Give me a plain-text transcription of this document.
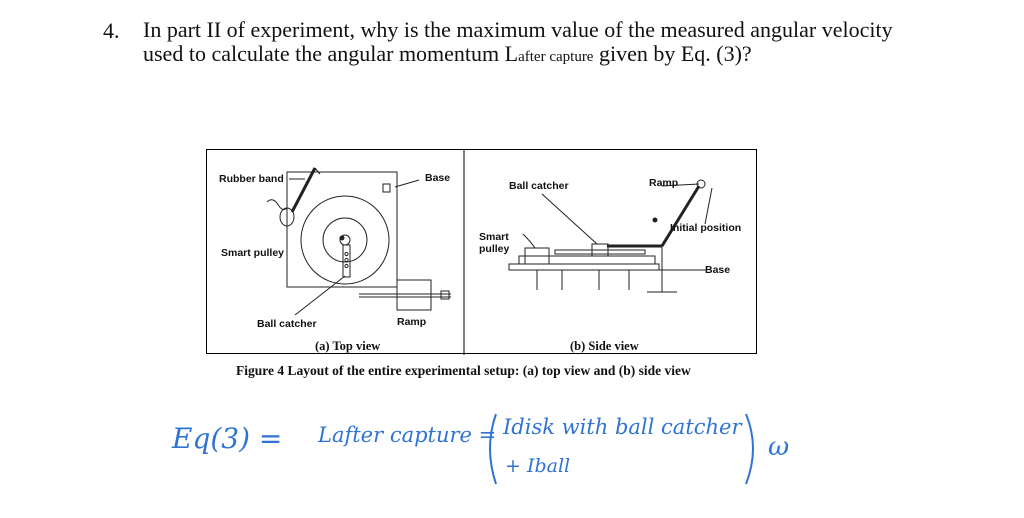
4. In part II of experiment, why is the maximum value of the measured angular velocity
used to calculate the angular momentum Lafter capture given by Eq. (3)?
Rubber band	Base
Smart pulley
Ball catcher	Ramp
Ball catcher	Ramp
Initial position
Smart
pulley
Base
(a) Top view	(b) Side view
Figure 4 Layout of the entire experimental setup: (a) top view and (b) side view
Eq(3) = Lafter capture = Idisk with ball catcher
+ Iball
ω
